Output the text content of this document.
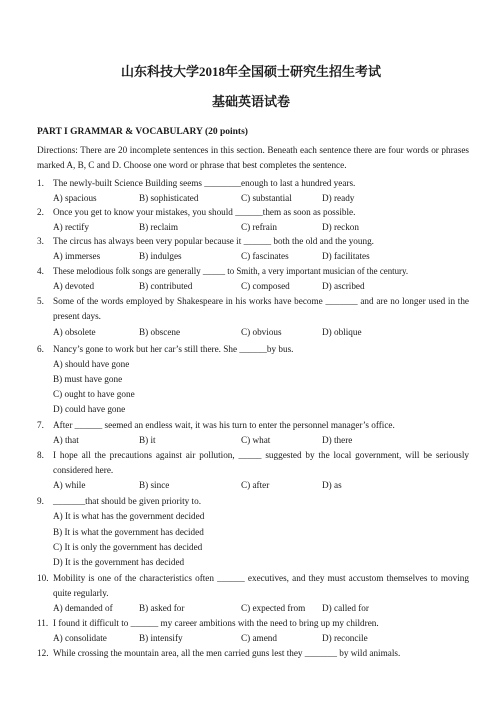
山东科技大学2018年全国硕士研究生招生考试
基础英语试卷
PART I GRAMMAR & VOCABULARY (20 points)
Directions: There are 20 incomplete sentences in this section. Beneath each sentence there are four words or phrases marked A, B, C and D. Choose one word or phrase that best completes the sentence.
1. The newly-built Science Building seems ________enough to last a hundred years.
A) spacious	B) sophisticated	C) substantial	D) ready
2. Once you get to know your mistakes, you should ______them as soon as possible.
A) rectify	B) reclaim	C) refrain	D) reckon
3. The circus has always been very popular because it ______ both the old and the young.
A) immerses	B) indulges	C) fascinates	D) facilitates
4. These melodious folk songs are generally _____ to Smith, a very important musician of the century.
A) devoted	B) contributed	C) composed	D) ascribed
5. Some of the words employed by Shakespeare in his works have become _______ and are no longer used in the present days.
A) obsolete	B) obscene	C) obvious	D) oblique
6. Nancy’s gone to work but her car’s still there. She ______by bus.
A) should have gone
B) must have gone
C) ought to have gone
D) could have gone
7. After ______ seemed an endless wait, it was his turn to enter the personnel manager’s office.
A) that	B) it	C) what	D) there
8. I hope all the precautions against air pollution, _____ suggested by the local government, will be seriously considered here.
A) while	B) since	C) after	D) as
9. _______that should be given priority to.
A) It is what has the government decided
B) It is what the government has decided
C) It is only the government has decided
D) It is the government has decided
10. Mobility is one of the characteristics often ______ executives, and they must accustom themselves to moving quite regularly.
A) demanded of	B) asked for	C) expected from D) called for
11. I found it difficult to ______ my career ambitions with the need to bring up my children.
A) consolidate	B) intensify	C) amend	D) reconcile
12. While crossing the mountain area, all the men carried guns lest they _______ by wild animals.
